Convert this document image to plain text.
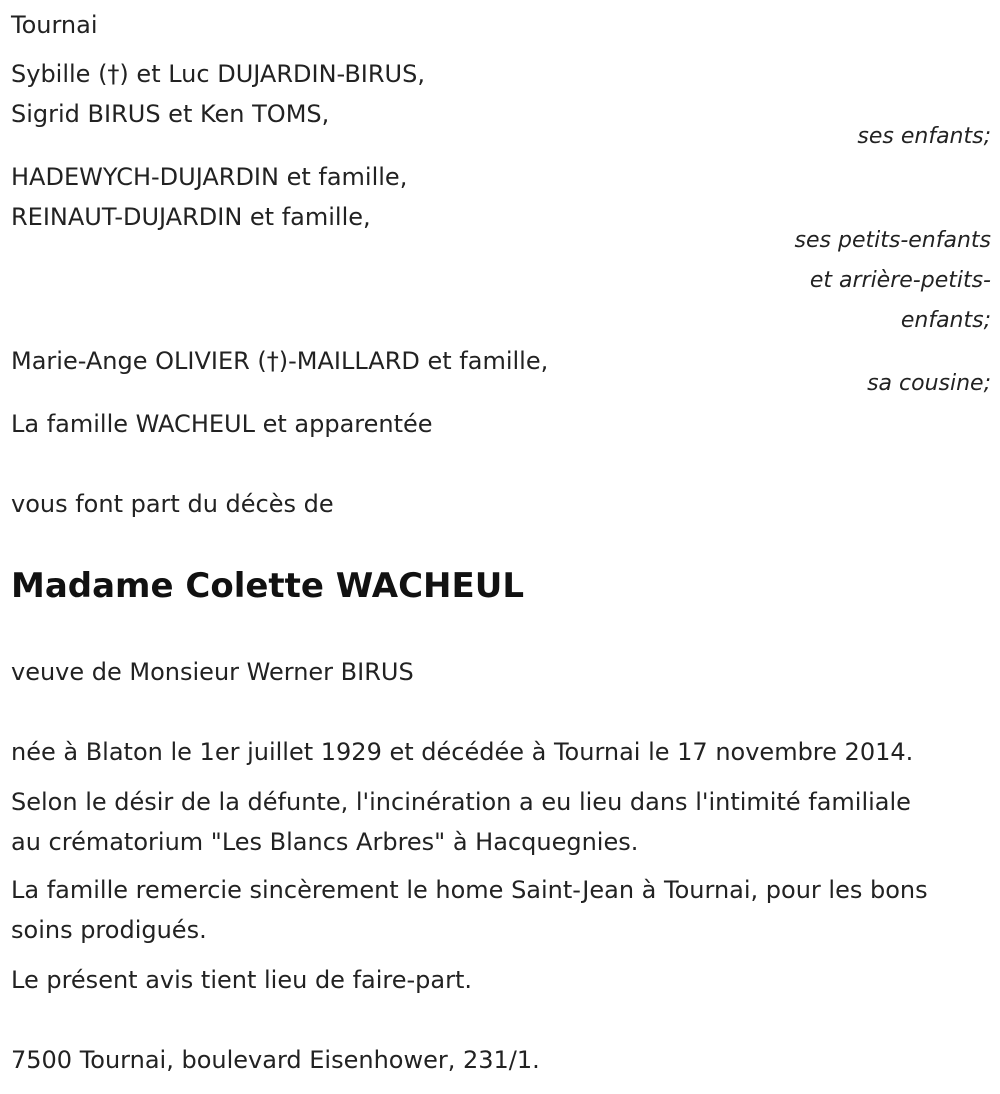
Tournai
Sybille (†) et Luc DUJARDIN-BIRUS,
Sigrid BIRUS et Ken TOMS,
ses enfants;
HADEWYCH-DUJARDIN et famille,
REINAUT-DUJARDIN et famille,
ses petits-enfants
et arrière-petits-
enfants;
Marie-Ange OLIVIER (†)-MAILLARD et famille,
sa cousine;
La famille WACHEUL et apparentée
vous font part du décès de
Madame Colette WACHEUL
veuve de Monsieur Werner BIRUS
née à Blaton le 1er juillet 1929 et décédée à Tournai le 17 novembre 2014.
Selon le désir de la défunte, l'incinération a eu lieu dans l'intimité familiale au crématorium "Les Blancs Arbres" à Hacquegnies.
La famille remercie sincèrement le home Saint-Jean à Tournai, pour les bons soins prodigués.
Le présent avis tient lieu de faire-part.
7500 Tournai, boulevard Eisenhower, 231/1.
